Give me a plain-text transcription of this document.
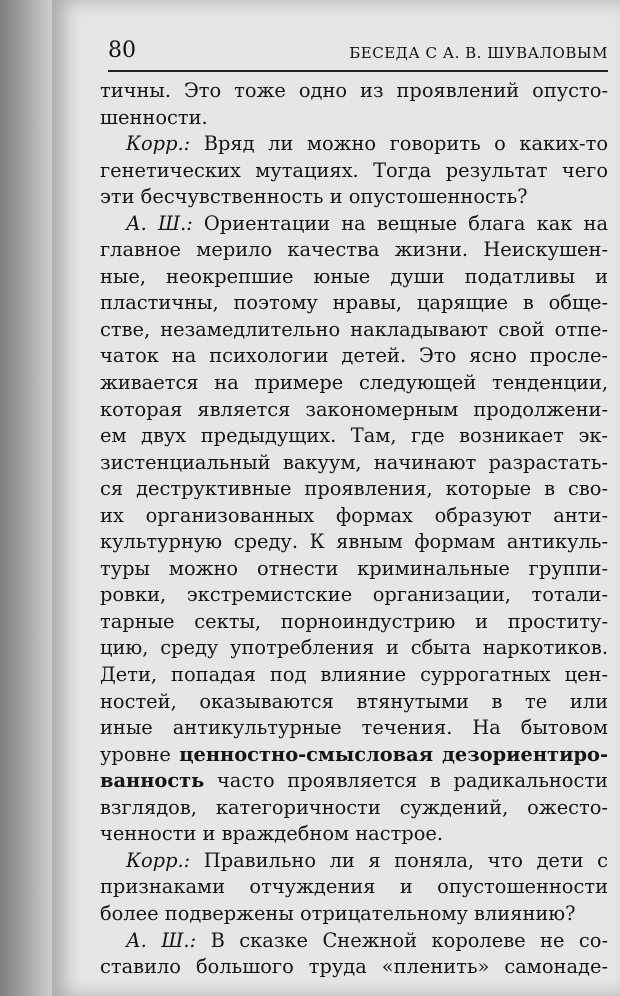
80	БЕСЕДА С А. В. ШУВАЛОВЫМ

тичны. Это тоже одно из проявлений опусто-

шенности.

Корр.: Вряд ли можно говорить о каких-то

генетических мутациях. Тогда результат чего

эти бесчувственность и опустошенность?

А. Ш.: Ориентации на вещные блага как на

главное мерило качества жизни. Неискушен-

ные, неокрепшие юные души податливы и

пластичны, поэтому нравы, царящие в обще-

стве, незамедлительно накладывают свой отпе-

чаток на психологии детей. Это ясно просле-

живается на примере следующей тенденции,

которая является закономерным продолжени-

ем двух предыдущих. Там, где возникает эк-

зистенциальный вакуум, начинают разрастать-

ся деструктивные проявления, которые в сво-

их организованных формах образуют анти-

культурную среду. К явным формам антикуль-

туры можно отнести криминальные группи-

ровки, экстремистские организации, тотали-

тарные секты, порноиндустрию и проститу-

цию, среду употребления и сбыта наркотиков.

Дети, попадая под влияние суррогатных цен-

ностей, оказываются втянутыми в те или

иные антикультурные течения. На бытовом

уровне ценностно-смысловая дезориентиро-

ванность часто проявляется в радикальности

взглядов, категоричности суждений, ожесто-

ченности и враждебном настрое.

Корр.: Правильно ли я поняла, что дети с

признаками отчуждения и опустошенности

более подвержены отрицательному влиянию?

А. Ш.: В сказке Снежной королеве не со-

ставило большого труда «пленить» самонаде-
